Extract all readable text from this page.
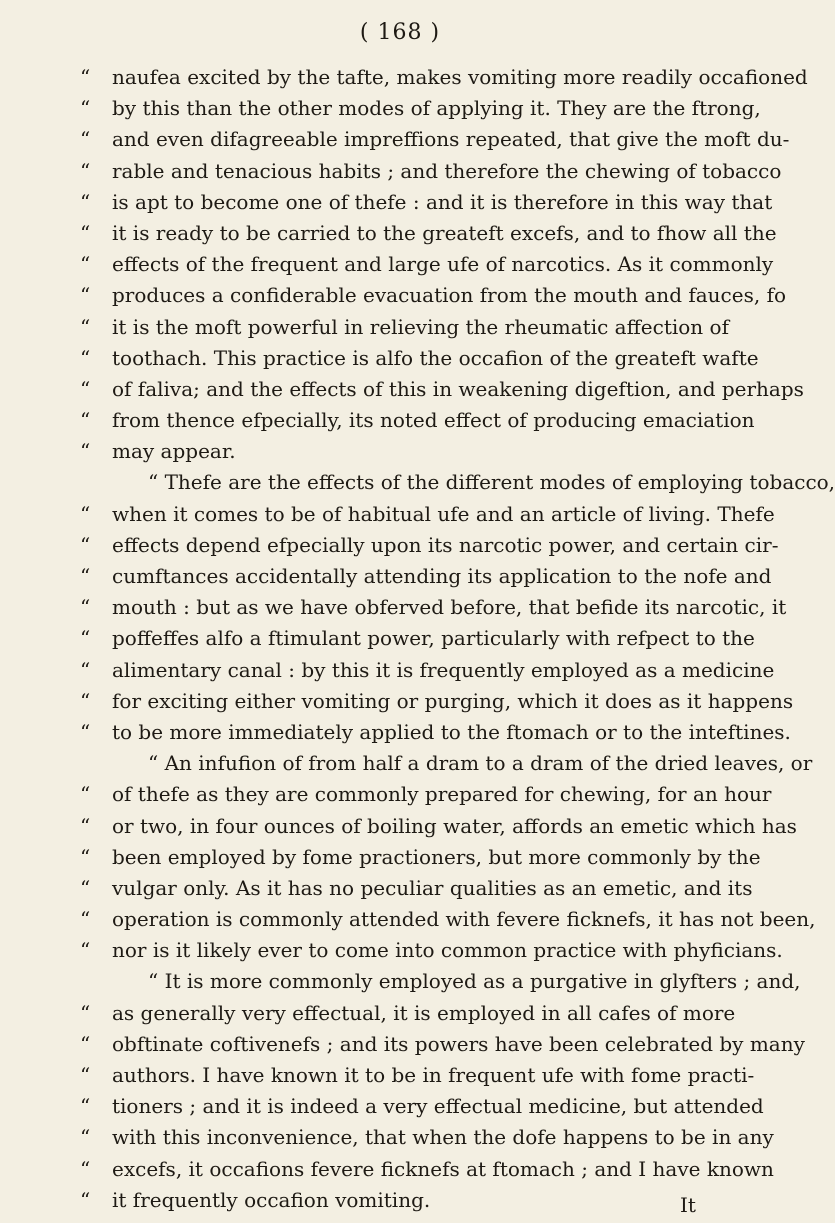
( 168 )
“	naufea excited by the tafte, makes vomiting more readily occafioned
“	by this than the other modes of applying it. They are the ftrong,
“	and even difagreeable impreffions repeated, that give the moft du-
“	rable and tenacious habits ; and therefore the chewing of tobacco
“	is apt to become one of thefe : and it is therefore in this way that
“	it is ready to be carried to the greateft excefs, and to fhow all the
“	effects of the frequent and large ufe of narcotics. As it commonly
“	produces a confiderable evacuation from the mouth and fauces, fo
“	it is the moft powerful in relieving the rheumatic affection of
“	toothach. This practice is alfo the occafion of the greateft wafte
“	of faliva; and the effects of this in weakening digeftion, and perhaps
“	from thence efpecially, its noted effect of producing emaciation
“	may appear.
“ Thefe are the effects of the different modes of employing tobacco,
“	when it comes to be of habitual ufe and an article of living. Thefe
“	effects depend efpecially upon its narcotic power, and certain cir-
“	cumftances accidentally attending its application to the nofe and
“	mouth : but as we have obferved before, that befide its narcotic, it
“	poffeffes alfo a ftimulant power, particularly with refpect to the
“	alimentary canal : by this it is frequently employed as a medicine
“	for exciting either vomiting or purging, which it does as it happens
“	to be more immediately applied to the ftomach or to the inteftines.
“ An infufion of from half a dram to a dram of the dried leaves, or
“	of thefe as they are commonly prepared for chewing, for an hour
“	or two, in four ounces of boiling water, affords an emetic which has
“	been employed by fome practioners, but more commonly by the
“	vulgar only. As it has no peculiar qualities as an emetic, and its
“	operation is commonly attended with fevere ficknefs, it has not been,
“	nor is it likely ever to come into common practice with phyficians.
“ It is more commonly employed as a purgative in glyfters ; and,
“	as generally very effectual, it is employed in all cafes of more
“	obftinate coftivenefs ; and its powers have been celebrated by many
“	authors. I have known it to be in frequent ufe with fome practi-
“	tioners ; and it is indeed a very effectual medicine, but attended
“	with this inconvenience, that when the dofe happens to be in any
“	excefs, it occafions fevere ficknefs at ftomach ; and I have known
“	it frequently occafion vomiting.	It
